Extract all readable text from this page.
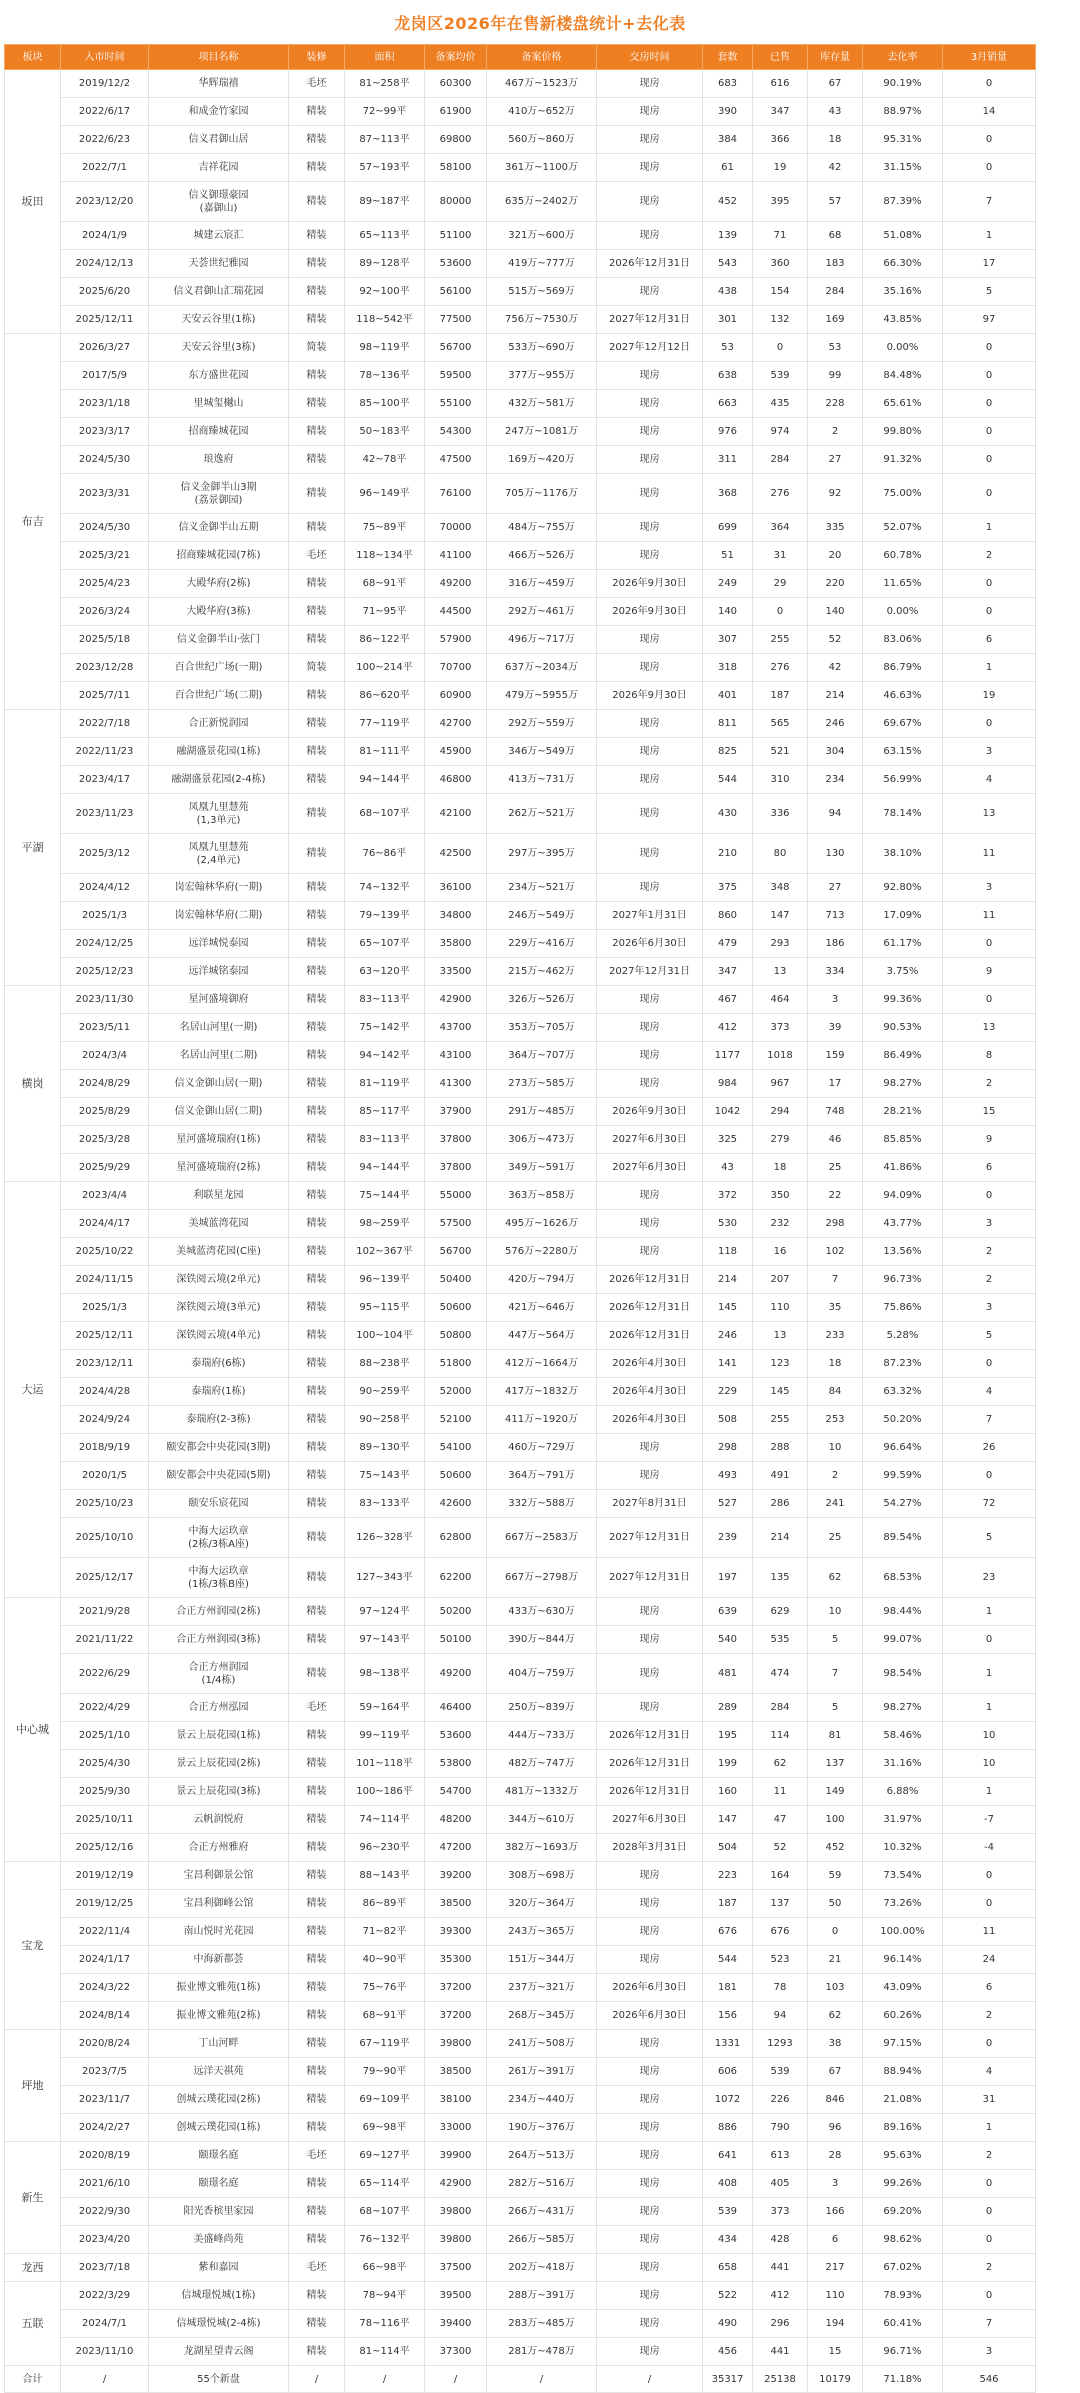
龙岗区2026年在售新楼盘统计+去化表
板块	入市时间	项目名称	装修	面积	备案均价	备案价格	交房时间	套数	已售	库存量	去化率	3月销量
坂田	2019/12/2	华辉瑞禧	毛坯	81~258平	60300	467万~1523万	现房	683	616	67	90.19%	0
	2022/6/17	和成金竹家园	精装	72~99平	61900	410万~652万	现房	390	347	43	88.97%	14
	2022/6/23	信义君御山居	精装	87~113平	69800	560万~860万	现房	384	366	18	95.31%	0
	2022/7/1	吉祥花园	精装	57~193平	58100	361万~1100万	现房	61	19	42	31.15%	0
	2023/12/20	信义御璟豪园
(嘉御山)	精装	89~187平	80000	635万~2402万	现房	452	395	57	87.39%	7
	2024/1/9	城建云宸汇	精装	65~113平	51100	321万~600万	现房	139	71	68	51.08%	1
	2024/12/13	天荟世纪雅园	精装	89~128平	53600	419万~777万	2026年12月31日	543	360	183	66.30%	17
	2025/6/20	信义君御山汇瑞花园	精装	92~100平	56100	515万~569万	现房	438	154	284	35.16%	5
	2025/12/11	天安云谷里(1栋)	精装	118~542平	77500	756万~7530万	2027年12月31日	301	132	169	43.85%	97
布吉	2026/3/27	天安云谷里(3栋)	简装	98~119平	56700	533万~690万	2027年12月12日	53	0	53	0.00%	0
	2017/5/9	东方盛世花园	精装	78~136平	59500	377万~955万	现房	638	539	99	84.48%	0
	2023/1/18	里城玺樾山	精装	85~100平	55100	432万~581万	现房	663	435	228	65.61%	0
	2023/3/17	招商臻城花园	精装	50~183平	54300	247万~1081万	现房	976	974	2	99.80%	0
	2024/5/30	琅逸府	精装	42~78平	47500	169万~420万	现房	311	284	27	91.32%	0
	2023/3/31	信义金御半山3期
(荔景御园)	精装	96~149平	76100	705万~1176万	现房	368	276	92	75.00%	0
	2024/5/30	信义金御半山五期	精装	75~89平	70000	484万~755万	现房	699	364	335	52.07%	1
	2025/3/21	招商臻城花园(7栋)	毛坯	118~134平	41100	466万~526万	现房	51	31	20	60.78%	2
	2025/4/23	大殿华府(2栋)	精装	68~91平	49200	316万~459万	2026年9月30日	249	29	220	11.65%	0
	2026/3/24	大殿华府(3栋)	精装	71~95平	44500	292万~461万	2026年9月30日	140	0	140	0.00%	0
	2025/5/18	信义金御半山·弦门	精装	86~122平	57900	496万~717万	现房	307	255	52	83.06%	6
	2023/12/28	百合世纪广场(一期)	简装	100~214平	70700	637万~2034万	现房	318	276	42	86.79%	1
	2025/7/11	百合世纪广场(二期)	精装	86~620平	60900	479万~5955万	2026年9月30日	401	187	214	46.63%	19
平湖	2022/7/18	合正新悦润园	精装	77~119平	42700	292万~559万	现房	811	565	246	69.67%	0
	2022/11/23	融湖盛景花园(1栋)	精装	81~111平	45900	346万~549万	现房	825	521	304	63.15%	3
	2023/4/17	融湖盛景花园(2-4栋)	精装	94~144平	46800	413万~731万	现房	544	310	234	56.99%	4
	2023/11/23	凤凰九里慧苑
(1,3单元)	精装	68~107平	42100	262万~521万	现房	430	336	94	78.14%	13
	2025/3/12	凤凰九里慧苑
(2,4单元)	精装	76~86平	42500	297万~395万	现房	210	80	130	38.10%	11
	2024/4/12	岗宏翰林华府(一期)	精装	74~132平	36100	234万~521万	现房	375	348	27	92.80%	3
	2025/1/3	岗宏翰林华府(二期)	精装	79~139平	34800	246万~549万	2027年1月31日	860	147	713	17.09%	11
	2024/12/25	远洋城悦泰园	精装	65~107平	35800	229万~416万	2026年6月30日	479	293	186	61.17%	0
	2025/12/23	远洋城铭泰园	精装	63~120平	33500	215万~462万	2027年12月31日	347	13	334	3.75%	9
横岗	2023/11/30	星河盛境御府	精装	83~113平	42900	326万~526万	现房	467	464	3	99.36%	0
	2023/5/11	名居山河里(一期)	精装	75~142平	43700	353万~705万	现房	412	373	39	90.53%	13
	2024/3/4	名居山河里(二期)	精装	94~142平	43100	364万~707万	现房	1177	1018	159	86.49%	8
	2024/8/29	信义金御山居(一期)	精装	81~119平	41300	273万~585万	现房	984	967	17	98.27%	2
	2025/8/29	信义金御山居(二期)	精装	85~117平	37900	291万~485万	2026年9月30日	1042	294	748	28.21%	15
	2025/3/28	星河盛境瑞府(1栋)	精装	83~113平	37800	306万~473万	2027年6月30日	325	279	46	85.85%	9
	2025/9/29	星河盛境瑞府(2栋)	精装	94~144平	37800	349万~591万	2027年6月30日	43	18	25	41.86%	6
大运	2023/4/4	利联星龙园	精装	75~144平	55000	363万~858万	现房	372	350	22	94.09%	0
	2024/4/17	美城蓝湾花园	精装	98~259平	57500	495万~1626万	现房	530	232	298	43.77%	3
	2025/10/22	美城蓝湾花园(C座)	精装	102~367平	56700	576万~2280万	现房	118	16	102	13.56%	2
	2024/11/15	深铁阅云境(2单元)	精装	96~139平	50400	420万~794万	2026年12月31日	214	207	7	96.73%	2
	2025/1/3	深铁阅云境(3单元)	精装	95~115平	50600	421万~646万	2026年12月31日	145	110	35	75.86%	3
	2025/12/11	深铁阅云境(4单元)	精装	100~104平	50800	447万~564万	2026年12月31日	246	13	233	5.28%	5
	2023/12/11	泰瑞府(6栋)	精装	88~238平	51800	412万~1664万	2026年4月30日	141	123	18	87.23%	0
	2024/4/28	泰瑞府(1栋)	精装	90~259平	52000	417万~1832万	2026年4月30日	229	145	84	63.32%	4
	2024/9/24	泰瑞府(2-3栋)	精装	90~258平	52100	411万~1920万	2026年4月30日	508	255	253	50.20%	7
	2018/9/19	颐安都会中央花园(3期)	精装	89~130平	54100	460万~729万	现房	298	288	10	96.64%	26
	2020/1/5	颐安都会中央花园(5期)	精装	75~143平	50600	364万~791万	现房	493	491	2	99.59%	0
	2025/10/23	颐安乐宸花园	精装	83~133平	42600	332万~588万	2027年8月31日	527	286	241	54.27%	72
	2025/10/10	中海大运玖章
(2栋/3栋A座)	精装	126~328平	62800	667万~2583万	2027年12月31日	239	214	25	89.54%	5
	2025/12/17	中海大运玖章
(1栋/3栋B座)	精装	127~343平	62200	667万~2798万	2027年12月31日	197	135	62	68.53%	23
中心城	2021/9/28	合正方州润园(2栋)	精装	97~124平	50200	433万~630万	现房	639	629	10	98.44%	1
	2021/11/22	合正方州润园(3栋)	精装	97~143平	50100	390万~844万	现房	540	535	5	99.07%	0
	2022/6/29	合正方州润园
(1/4栋)	精装	98~138平	49200	404万~759万	现房	481	474	7	98.54%	1
	2022/4/29	合正方州泓园	毛坯	59~164平	46400	250万~839万	现房	289	284	5	98.27%	1
	2025/1/10	景云上辰花园(1栋)	精装	99~119平	53600	444万~733万	2026年12月31日	195	114	81	58.46%	10
	2025/4/30	景云上辰花园(2栋)	精装	101~118平	53800	482万~747万	2026年12月31日	199	62	137	31.16%	10
	2025/9/30	景云上辰花园(3栋)	精装	100~186平	54700	481万~1332万	2026年12月31日	160	11	149	6.88%	1
	2025/10/11	云帆润悦府	精装	74~114平	48200	344万~610万	2027年6月30日	147	47	100	31.97%	-7
	2025/12/16	合正方州雅府	精装	96~230平	47200	382万~1693万	2028年3月31日	504	52	452	10.32%	-4
宝龙	2019/12/19	宝昌利御景公馆	精装	88~143平	39200	308万~698万	现房	223	164	59	73.54%	0
	2019/12/25	宝昌利御峰公馆	精装	86~89平	38500	320万~364万	现房	187	137	50	73.26%	0
	2022/11/4	南山悦时光花园	精装	71~82平	39300	243万~365万	现房	676	676	0	100.00%	11
	2024/1/17	中海新都荟	精装	40~90平	35300	151万~344万	现房	544	523	21	96.14%	24
	2024/3/22	振业博文雅苑(1栋)	精装	75~76平	37200	237万~321万	2026年6月30日	181	78	103	43.09%	6
	2024/8/14	振业博文雅苑(2栋)	精装	68~91平	37200	268万~345万	2026年6月30日	156	94	62	60.26%	2
坪地	2020/8/24	丁山河畔	精装	67~119平	39800	241万~508万	现房	1331	1293	38	97.15%	0
	2023/7/5	远洋天祺苑	精装	79~90平	38500	261万~391万	现房	606	539	67	88.94%	4
	2023/11/7	创城云璞花园(2栋)	精装	69~109平	38100	234万~440万	现房	1072	226	846	21.08%	31
	2024/2/27	创城云璞花园(1栋)	精装	69~98平	33000	190万~376万	现房	886	790	96	89.16%	1
新生	2020/8/19	颐璟名庭	毛坯	69~127平	39900	264万~513万	现房	641	613	28	95.63%	2
	2021/6/10	颐璟名庭	精装	65~114平	42900	282万~516万	现房	408	405	3	99.26%	0
	2022/9/30	阳光香槟里家园	精装	68~107平	39800	266万~431万	现房	539	373	166	69.20%	0
	2023/4/20	美盛峰尚苑	精装	76~132平	39800	266万~585万	现房	434	428	6	98.62%	0
龙西	2023/7/18	紫和嘉园	毛坯	66~98平	37500	202万~418万	现房	658	441	217	67.02%	2
五联	2022/3/29	信城璟悦城(1栋)	精装	78~94平	39500	288万~391万	现房	522	412	110	78.93%	0
	2024/7/1	信城璟悦城(2-4栋)	精装	78~116平	39400	283万~485万	现房	490	296	194	60.41%	7
	2023/11/10	龙湖星望青云阁	精装	81~114平	37300	281万~478万	现房	456	441	15	96.71%	3
合计	/	55个新盘	/	/	/	/	/	35317	25138	10179	71.18%	546
